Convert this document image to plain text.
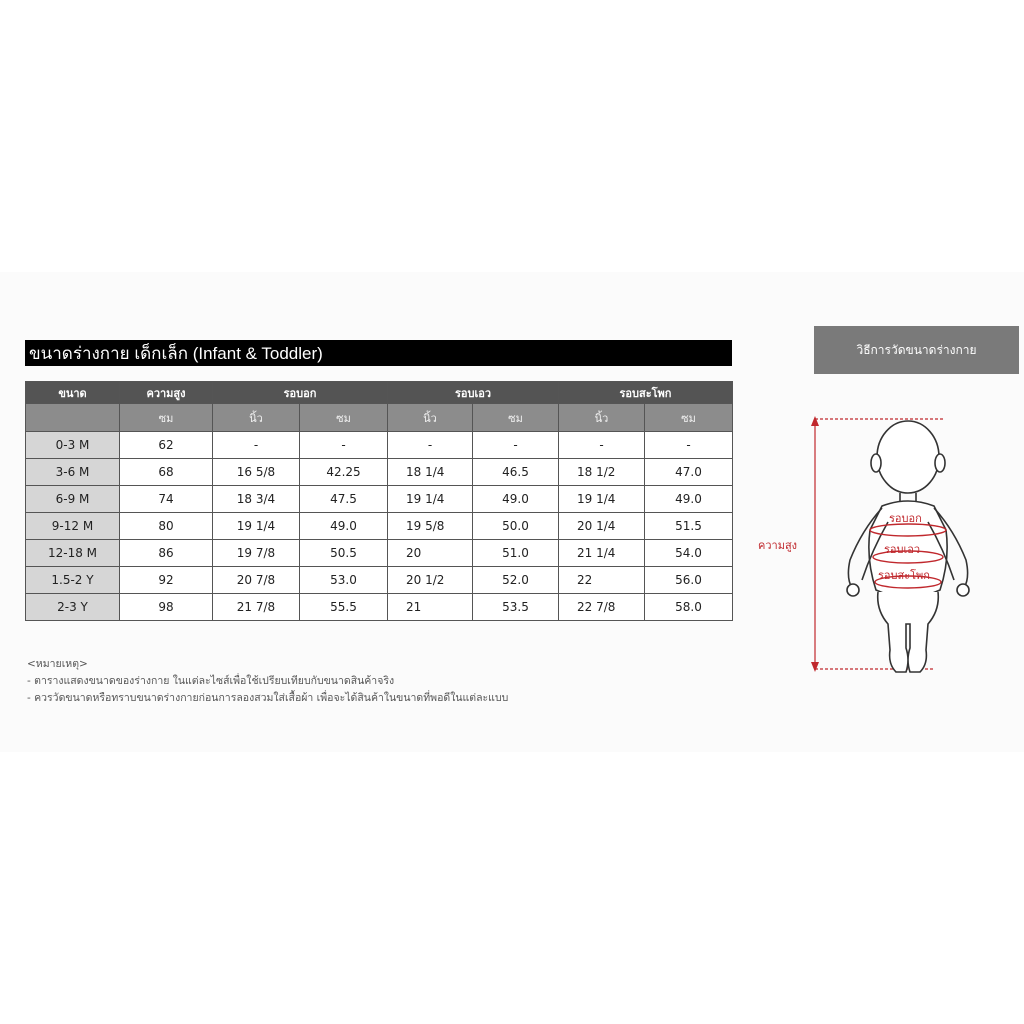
ขนาดร่างกาย เด็กเล็ก (Infant & Toddler)
ขนาด	ความสูง	รอบอก		รอบเอว		รอบสะโพก	
	ซม	นิ้ว	ซม	นิ้ว	ซม	นิ้ว	ซม
0-3 M	62	-	-	-	-	-	-
3-6 M	68	16 5/8	42.25	18 1/4	46.5	18 1/2	47.0
6-9 M	74	18 3/4	47.5	19 1/4	49.0	19 1/4	49.0
9-12 M	80	19 1/4	49.0	19 5/8	50.0	20 1/4	51.5
12-18 M	86	19 7/8	50.5	20	51.0	21 1/4	54.0
1.5-2 Y	92	20 7/8	53.0	20 1/2	52.0	22	56.0
2-3 Y	98	21 7/8	55.5	21	53.5	22 7/8	58.0
<หมายเหตุ>
- ตารางแสดงขนาดของร่างกาย ในแต่ละไซส์เพื่อใช้เปรียบเทียบกับขนาดสินค้าจริง
- ควรวัดขนาดหรือทราบขนาดร่างกายก่อนการลองสวมใส่เสื้อผ้า เพื่อจะได้สินค้าในขนาดที่พอดีในแต่ละแบบ
วิธีการวัดขนาดร่างกาย
ความสูง
รอบอก
รอบเอว
รอบสะโพก
